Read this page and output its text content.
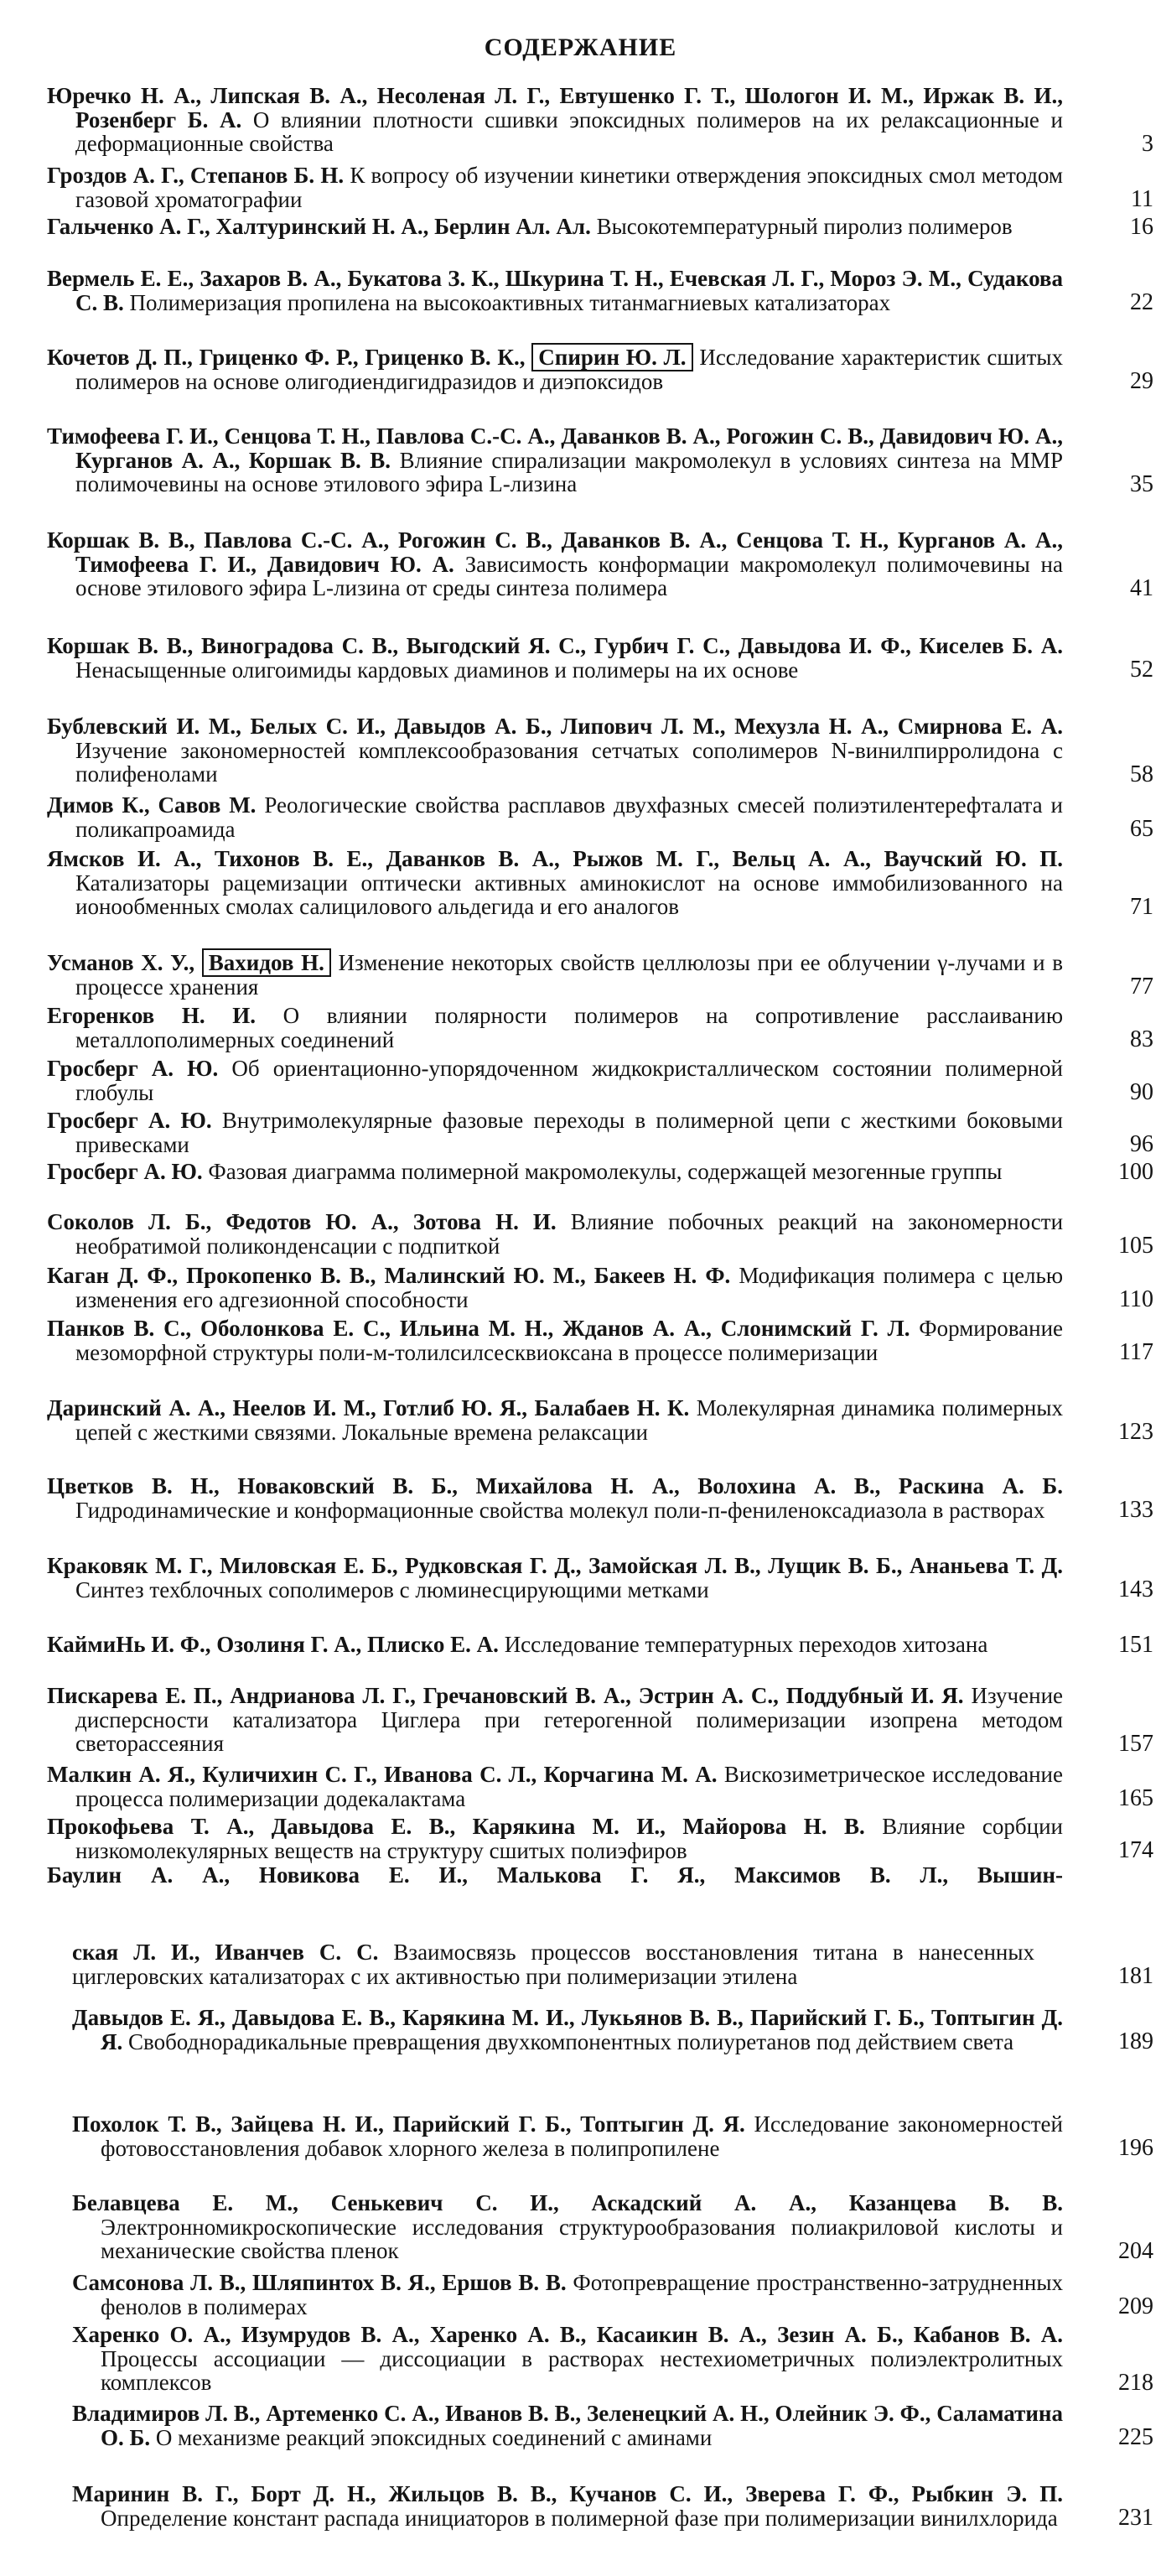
СОДЕРЖАНИЕ
Юречко Н. А., Липская В. А., Несоленая Л. Г., Евтушенко Г. Т., Шологон И. М., Иржак В. И., Розенберг Б. А. О влиянии плотности сшивки эпоксидных полимеров на их релаксационные и деформационные свойства	3
Гроздов А. Г., Степанов Б. Н. К вопросу об изучении кинетики отверждения эпоксидных смол методом газовой хроматографии	11
Гальченко А. Г., Халтуринский Н. А., Берлин Ал. Ал. Высокотемпературный пиролиз полимеров	16
Вермель Е. Е., Захаров В. А., Букатова З. К., Шкурина Т. Н., Ечевская Л. Г., Мороз Э. М., Судакова С. В. Полимеризация пропилена на высокоактивных титанмагниевых катализаторах	22
Кочетов Д. П., Гриценко Ф. Р., Гриценко В. К., Спирин Ю. Л. Исследование характеристик сшитых полимеров на основе олигодиендигидразидов и диэпоксидов	29
Тимофеева Г. И., Сенцова Т. Н., Павлова С.-С. А., Даванков В. А., Рогожин С. В., Давидович Ю. А., Курганов А. А., Коршак В. В. Влияние спирализации макромолекул в условиях синтеза на ММР полимочевины на основе этилового эфира L-лизина	35
Коршак В. В., Павлова С.-С. А., Рогожин С. В., Даванков В. А., Сенцова Т. Н., Курганов А. А., Тимофеева Г. И., Давидович Ю. А. Зависимость конформации макромолекул полимочевины на основе этилового эфира L-лизина от среды синтеза полимера	41
Коршак В. В., Виноградова С. В., Выгодский Я. С., Гурбич Г. С., Давыдова И. Ф., Киселев Б. А. Ненасыщенные олигоимиды кардовых диаминов и полимеры на их основе	52
Бублевский И. М., Белых С. И., Давыдов А. Б., Липович Л. М., Мехузла Н. А., Смирнова Е. А. Изучение закономерностей комплексообразования сетчатых сополимеров N-винилпирролидона с полифенолами	58
Димов К., Савов М. Реологические свойства расплавов двухфазных смесей полиэтилентерефталата и поликапроамида	65
Ямсков И. А., Тихонов В. Е., Даванков В. А., Рыжов М. Г., Вельц А. А., Ваучский Ю. П. Катализаторы рацемизации оптически активных аминокислот на основе иммобилизованного на ионообменных смолах салицилового альдегида и его аналогов	71
Усманов Х. У., Вахидов Н. Изменение некоторых свойств целлюлозы при ее облучении γ-лучами и в процессе хранения	77
Егоренков Н. И. О влиянии полярности полимеров на сопротивление расслаиванию металлополимерных соединений	83
Гросберг А. Ю. Об ориентационно-упорядоченном жидкокристаллическом состоянии полимерной глобулы	90
Гросберг А. Ю. Внутримолекулярные фазовые переходы в полимерной цепи с жесткими боковыми привесками	96
Гросберг А. Ю. Фазовая диаграмма полимерной макромолекулы, содержащей мезогенные группы	100
Соколов Л. Б., Федотов Ю. А., Зотова Н. И. Влияние побочных реакций на закономерности необратимой поликонденсации с подпиткой	105
Каган Д. Ф., Прокопенко В. В., Малинский Ю. М., Бакеев Н. Ф. Модификация полимера с целью изменения его адгезионной способности	110
Панков В. С., Оболонкова Е. С., Ильина М. Н., Жданов А. А., Слонимский Г. Л. Формирование мезоморфной структуры поли-м-толилсилсесквиоксана в процессе полимеризации	117
Даринский А. А., Неелов И. М., Готлиб Ю. Я., Балабаев Н. К. Молекулярная динамика полимерных цепей с жесткими связями. Локальные времена релаксации	123
Цветков В. Н., Новаковский В. Б., Михайлова Н. А., Волохина А. В., Раскина А. Б. Гидродинамические и конформационные свойства молекул поли-п-фениленоксадиазола в растворах	133
Краковяк М. Г., Миловская Е. Б., Рудковская Г. Д., Замойская Л. В., Лущик В. Б., Ананьева Т. Д. Синтез техблочных сополимеров с люминесцирующими метками	143
КаймиНь И. Ф., Озолиня Г. А., Плиско Е. А. Исследование температурных переходов хитозана	151
Пискарева Е. П., Андрианова Л. Г., Гречановский В. А., Эстрин А. С., Поддубный И. Я. Изучение дисперсности катализатора Циглера при гетерогенной полимеризации изопрена методом светорассеяния	157
Малкин А. Я., Куличихин С. Г., Иванова С. Л., Корчагина М. А. Вискозиметрическое исследование процесса полимеризации додекалактама	165
Прокофьева Т. А., Давыдова Е. В., Карякина М. И., Майорова Н. В. Влияние сорбции низкомолекулярных веществ на структуру сшитых полиэфиров	174
Баулин А. А., Новикова Е. И., Малькова Г. Я., Максимов В. Л., Вышин-
ская Л. И., Иванчев С. С. Взаимосвязь процессов восстановления титана в нанесенных циглеровских катализаторах с их активностью при полимеризации этилена	181
Давыдов Е. Я., Давыдова Е. В., Карякина М. И., Лукьянов В. В., Парийский Г. Б., Топтыгин Д. Я. Свободнорадикальные превращения двухкомпонентных полиуретанов под действием света	189
Похолок Т. В., Зайцева Н. И., Парийский Г. Б., Топтыгин Д. Я. Исследование закономерностей фотовосстановления добавок хлорного железа в полипропилене	196
Белавцева Е. М., Сенькевич С. И., Аскадский А. А., Казанцева В. В. Электронномикроскопические исследования структурообразования полиакриловой кислоты и механические свойства пленок	204
Самсонова Л. В., Шляпинтох В. Я., Ершов В. В. Фотопревращение пространственно-затрудненных фенолов в полимерах	209
Харенко О. А., Изумрудов В. А., Харенко А. В., Касаикин В. А., Зезин А. Б., Кабанов В. А. Процессы ассоциации — диссоциации в растворах нестехиометричных полиэлектролитных комплексов	218
Владимиров Л. В., Артеменко С. А., Иванов В. В., Зеленецкий А. Н., Олейник Э. Ф., Саламатина О. Б. О механизме реакций эпоксидных соединений с аминами	225
Маринин В. Г., Борт Д. Н., Жильцов В. В., Кучанов С. И., Зверева Г. Ф., Рыбкин Э. П. Определение констант распада инициаторов в полимерной фазе при полимеризации винилхлорида	231
